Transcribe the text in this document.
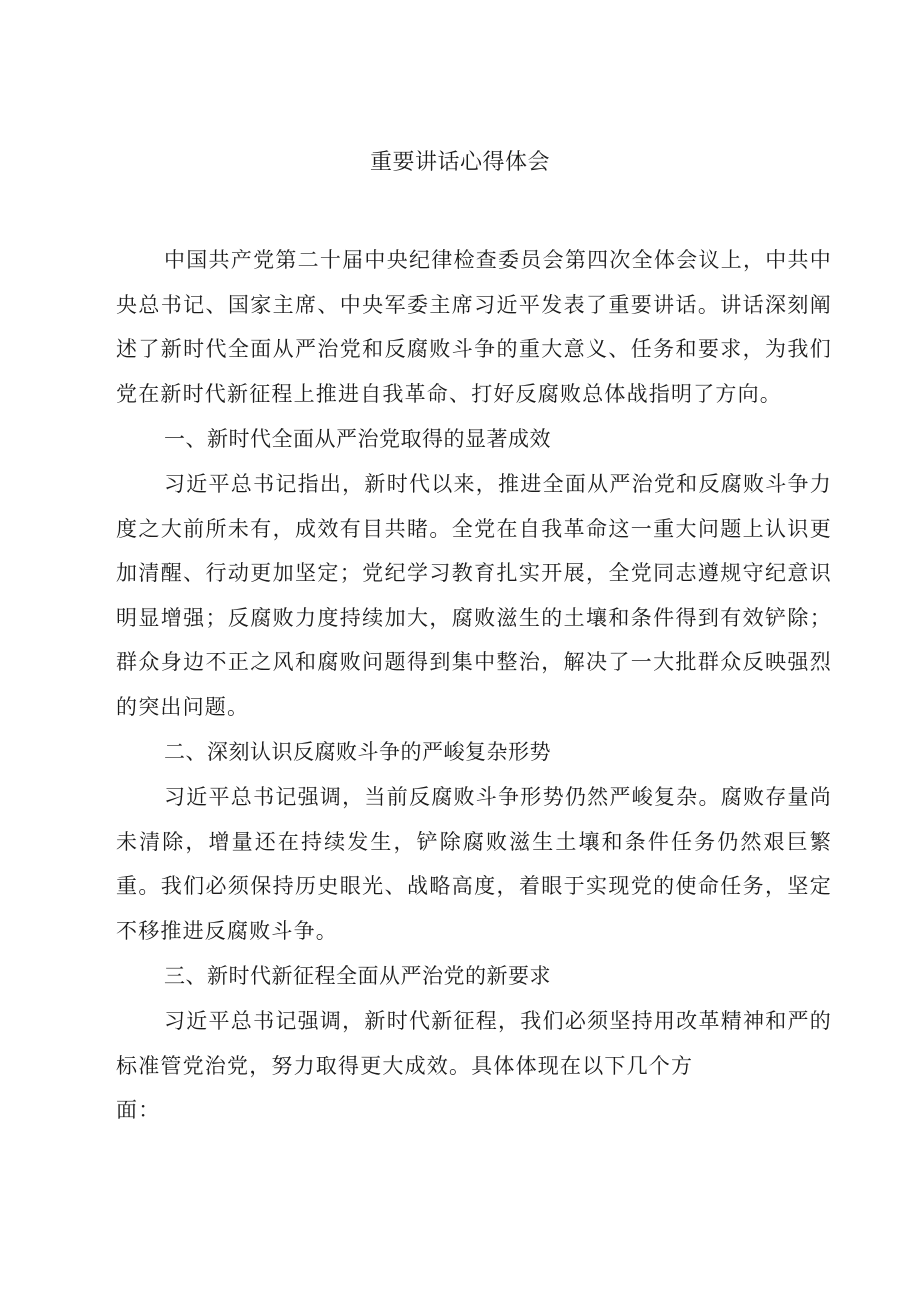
重要讲话心得体会

中国共产党第二十届中央纪律检查委员会第四次全体会议上，中共中央总书记、国家主席、中央军委主席习近平发表了重要讲话。讲话深刻阐述了新时代全面从严治党和反腐败斗争的重大意义、任务和要求，为我们党在新时代新征程上推进自我革命、打好反腐败总体战指明了方向。

一、新时代全面从严治党取得的显著成效

习近平总书记指出，新时代以来，推进全面从严治党和反腐败斗争力度之大前所未有，成效有目共睹。全党在自我革命这一重大问题上认识更加清醒、行动更加坚定；党纪学习教育扎实开展，全党同志遵规守纪意识明显增强；反腐败力度持续加大，腐败滋生的土壤和条件得到有效铲除；群众身边不正之风和腐败问题得到集中整治，解决了一大批群众反映强烈的突出问题。

二、深刻认识反腐败斗争的严峻复杂形势

习近平总书记强调，当前反腐败斗争形势仍然严峻复杂。腐败存量尚未清除，增量还在持续发生，铲除腐败滋生土壤和条件任务仍然艰巨繁重。我们必须保持历史眼光、战略高度，着眼于实现党的使命任务，坚定不移推进反腐败斗争。

三、新时代新征程全面从严治党的新要求

习近平总书记强调，新时代新征程，我们必须坚持用改革精神和严的标准管党治党，努力取得更大成效。具体体现在以下几个方

面：
